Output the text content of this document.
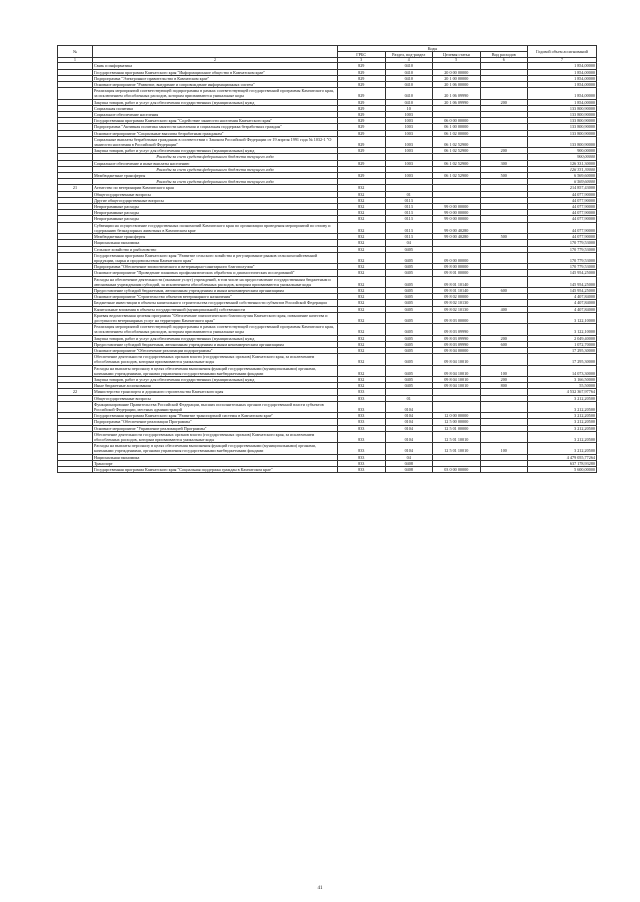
№		Коды				Годовой объем ассигнований
		ГРБС	Раздел, под-раздел	Целевая статья	Вид расходов	
1	2	3	4	5	6	7
	Связь и информатика	829	0410			1 854,00000
	Государственная программа Камчатского края "Информационное общество в Камчатском крае"	829	0410	20 0 00 00000		1 854,00000
	Подпрограмма "Электронное правительство в Камчатском крае"	829	0410	20 1 00 00000		1 854,00000
	Основное мероприятие "Развитие, внедрение и сопровождение информационных систем"	829	0410	20 1 06 00000		1 854,00000
	Реализация мероприятий соответствующей подпрограммы в рамках соответствующей государственной программы Камчатского края, за исключением обособленных расходов, которым присваиваются уникальные коды	829	0410	20 1 06 09990		1 854,00000
	Закупка товаров, работ и услуг для обеспечения государственных (муниципальных) нужд	829	0410	20 1 06 09990	200	1 854,00000
	Социальная политика	829	10			133 800,90000
	Социальное обеспечение населения	829	1003			133 800,90000
	Государственная программа Камчатского края "Содействие занятости населения Камчатского края"	829	1003	06 0 00 00000		133 800,90000
	Подпрограмма "Активная политика занятости населения и социальная поддержка безработных граждан"	829	1003	06 1 00 00000		133 800,90000
	Основное мероприятие "Социальные выплаты безработным гражданам"	829	1003	06 1 02 00000		133 800,90000
	Социальные выплаты безработным гражданам в соответствии с Законом Российской Федерации от 19 апреля 1991 года № 1032-1 "О занятости населения в Российской Федерации"	829	1003	06 1 02 52900		133 800,90000
	Закупка товаров, работ и услуг для обеспечения государственных (муниципальных) нужд	829	1003	06 1 02 52900	200	900,00000
	Расходы за счет средств федерального бюджета текущего года					900,00000
	Социальное обеспечение и иные выплаты населению	829	1003	06 1 02 52900	300	126 331,30000
	Расходы за счет средств федерального бюджета текущего года					126 331,30000
	Межбюджетные трансферты	829	1003	06 1 02 52900	500	6 569,60000
	Расходы за счет средств федерального бюджета текущего года					6 569,60000
21	Агентство по ветеринарии Камчатского края	832				214 857,43000
	Общегосударственные вопросы	832	01			44 077,90000
	Другие общегосударственные вопросы	832	0113			44 077,90000
	Непрограммные расходы	832	0113	99 0 00 00000		44 077,90000
	Непрограммные расходы	832	0113	99 0 00 00000		44 077,90000
	Непрограммные расходы	832	0113	99 0 00 00000		44 077,90000
	Субвенции на осуществление государственных полномочий Камчатского края по организации проведения мероприятий по отлову и содержанию безнадзорных животных в Камчатском крае	832	0113	99 0 00 40280		44 077,90000
	Межбюджетные трансферты	832	0113	99 0 00 40280	500	44 077,90000
	Национальная экономика	832	04			170 779,53000
	Сельское хозяйство и рыболовство	832	0405			170 779,53000
	Государственная программа Камчатского края "Развитие сельского хозяйства и регулирование рынков сельскохозяйственной продукции, сырья и продовольствия Камчатского края"	832	0405	09 0 00 00000		170 779,53000
	Подпрограмма "Обеспечение эпизоотического и ветеринарно-санитарного благополучия"	832	0405	09 8 00 00000		170 779,53000
	Основное мероприятие "Проведение плановых профилактических обработок и диагностических исследований"	832	0405	09 8 01 00000		145 954,25000
	Расходы на обеспечение деятельности (оказание услуг) учреждений, в том числе на предоставление государственным бюджетным и автономным учреждениям субсидий, за исключением обособленных расходов, которым присваиваются уникальные коды	832	0405	09 8 01 10140		145 954,25000
	Предоставление субсидий бюджетным, автономным учреждениям и иным некоммерческим организациям	832	0405	09 8 01 10140	600	145 954,25000
	Основное мероприятие "Строительство объектов ветеринарного назначения"	832	0405	09 8 02 00000		4 407,84000
	Бюджетные инвестиции в объекты капитального строительства государственной собственности субъектов Российской Федерации	832	0405	09 8 02 10130		4 407,84000
	Капитальные вложения в объекты государственной (муниципальной) собственности	832	0405	09 8 02 10130	400	4 407,84000
	Краевая ведомственная целевая программа "Обеспечение эпизоотического благополучия Камчатского края, повышение качества и доступности ветеринарных услуг на территории Камчатского края"	832	0405	09 8 03 00000		3 122,10000
	Реализация мероприятий соответствующей подпрограммы в рамках соответствующей государственной программы Камчатского края, за исключением обособленных расходов, которым присваиваются уникальные коды	832	0405	09 8 03 09990		3 122,10000
	Закупка товаров, работ и услуг для обеспечения государственных (муниципальных) нужд	832	0405	09 8 03 09990	200	2 049,40000
	Предоставление субсидий бюджетным, автономным учреждениям и иным некоммерческим организациям	832	0405	09 8 03 09990	600	1 072,70000
	Основное мероприятие "Обеспечение реализации подпрограммы"	832	0405	09 8 04 00000		17 295,30000
	Обеспечение деятельности государственных органов власти (государственных органов) Камчатского края, за исключением обособленных расходов, которым присваиваются уникальные коды	832	0405	09 8 04 10010		17 295,30000
	Расходы на выплаты персоналу в целях обеспечения выполнения функций государственными (муниципальными) органами, казенными учреждениями, органами управления государственными внебюджетными фондами	832	0405	09 8 04 10010	100	14 073,30000
	Закупка товаров, работ и услуг для обеспечения государственных (муниципальных) нужд	832	0405	09 8 04 10010	200	3 166,50000
	Иные бюджетные ассигнования	832	0405	09 8 04 10010	800	55,50000
22	Министерство транспорта и дорожного строительства Камчатского края	833				4 532 367,97764
	Общегосударственные вопросы	833	01			3 212,20500
	Функционирование Правительства Российской Федерации, высших исполнительных органов государственной власти субъектов Российской Федерации, местных администраций	833	0104			3 212,20500
	Государственная программа Камчатского края "Развитие транспортной системы в Камчатском крае"	833	0104	12 0 00 00000		3 212,20500
	Подпрограмма "Обеспечение реализации Программы"	833	0104	12 5 00 00000		3 212,20500
	Основное мероприятие "Управление реализацией Программы"	833	0104	12 5 01 00000		3 212,20500
	Обеспечение деятельности государственных органов власти (государственных органов) Камчатского края, за исключением обособленных расходов, которым присваиваются уникальные коды	833	0104	12 5 01 10010		3 212,20500
	Расходы на выплаты персоналу в целях обеспечения выполнения функций государственными (муниципальными) органами, казенными учреждениями, органами управления государственными внебюджетными фондами	833	0104	12 5 01 10010	100	3 212,20500
	Национальная экономика	833	04			4 479 055,77264
	Транспорт	833	0408			637 178,93280
	Государственная программа Камчатского края "Социальная поддержка граждан в Камчатском крае"	833	0408	03 0 00 00000		5 600,00000
41
